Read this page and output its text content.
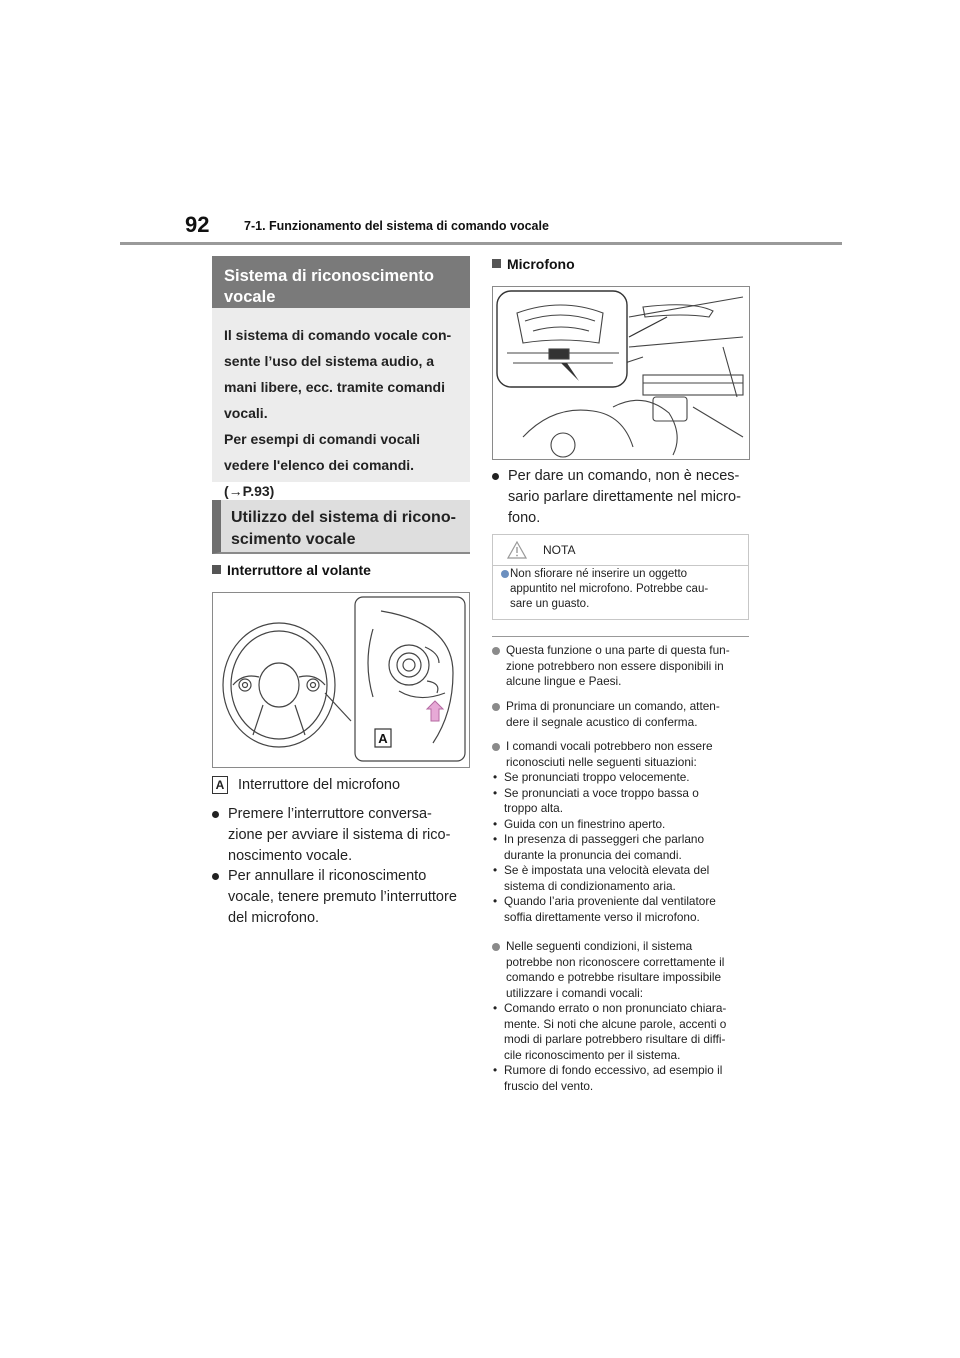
92	7-1. Funzionamento del sistema di comando vocale
Sistema di riconoscimento vocale

Il sistema di comando vocale con-

sente l’uso del sistema audio, a

mani libere, ecc. tramite comandi

vocali.

Per esempi di comandi vocali

vedere l'elenco dei comandi.

(→P.93)

Utilizzo del sistema di ricono-
scimento vocale
Interruttore al volante
A
A Interruttore del microfono
Premere l’interruttore conversa-
zione per avviare il sistema di rico-
noscimento vocale.
Per annullare il riconoscimento
vocale, tenere premuto l’interruttore
del microfono.
Microfono
Per dare un comando, non è neces-
sario parlare direttamente nel micro-
fono.
NOTA
Non sfiorare né inserire un oggetto
appuntito nel microfono. Potrebbe cau-
sare un guasto.
Questa funzione o una parte di questa fun-
zione potrebbero non essere disponibili in
alcune lingue e Paesi.
Prima di pronunciare un comando, atten-
dere il segnale acustico di conferma.
I comandi vocali potrebbero non essere
riconosciuti nelle seguenti situazioni:
• Se pronunciati troppo velocemente.
• Se pronunciati a voce troppo bassa o
troppo alta.
• Guida con un finestrino aperto.
• In presenza di passeggeri che parlano
durante la pronuncia dei comandi.
• Se è impostata una velocità elevata del
sistema di condizionamento aria.
• Quando l’aria proveniente dal ventilatore
soffia direttamente verso il microfono.
Nelle seguenti condizioni, il sistema
potrebbe non riconoscere correttamente il
comando e potrebbe risultare impossibile
utilizzare i comandi vocali:
• Comando errato o non pronunciato chiara-
mente. Si noti che alcune parole, accenti o
modi di parlare potrebbero risultare di diffi-
cile riconoscimento per il sistema.
• Rumore di fondo eccessivo, ad esempio il
fruscio del vento.
